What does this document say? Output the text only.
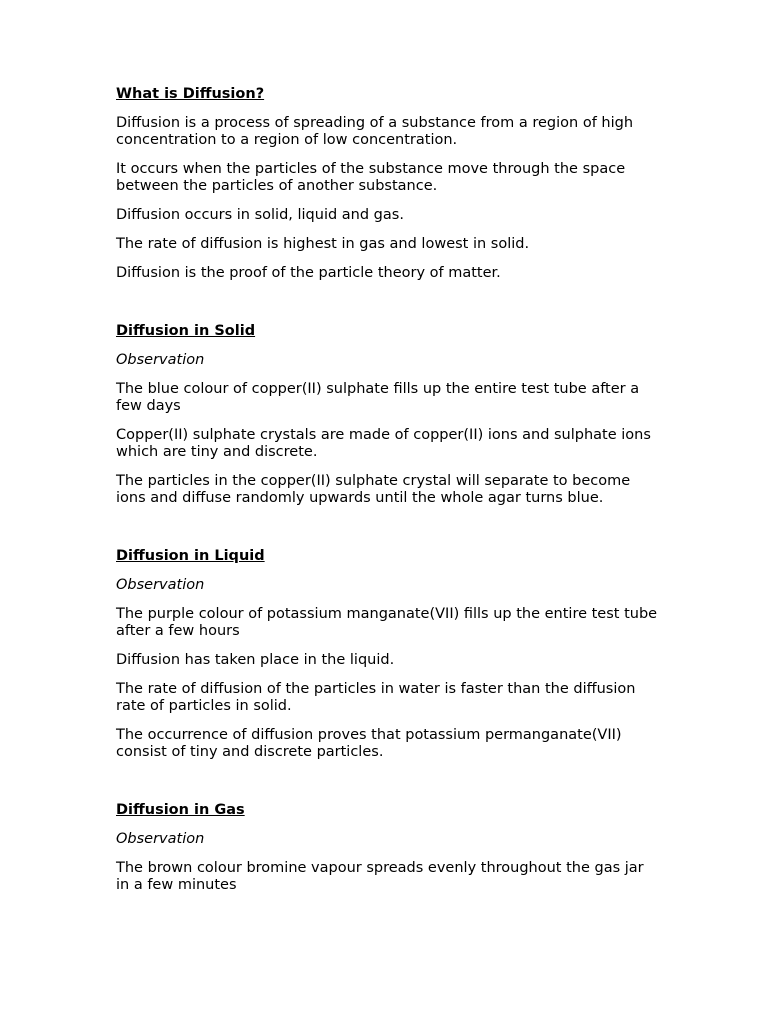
What is Diffusion?
Diffusion is a process of spreading of a substance from a region of high concentration to a region of low concentration.
It occurs when the particles of the substance move through the space between the particles of another substance.
Diffusion occurs in solid, liquid and gas.
The rate of diffusion is highest in gas and lowest in solid.
Diffusion is the proof of the particle theory of matter.
Diffusion in Solid
Observation
The blue colour of copper(II) sulphate fills up the entire test tube after a few days
Copper(II) sulphate crystals are made of copper(II) ions and sulphate ions which are tiny and discrete.
The particles in the copper(II) sulphate crystal will separate to become ions and diffuse randomly upwards until the whole agar turns blue.
Diffusion in Liquid
Observation
The purple colour of potassium manganate(VII) fills up the entire test tube after a few hours
Diffusion has taken place in the liquid.
The rate of diffusion of the particles in water is faster than the diffusion rate of particles in solid.
The occurrence of diffusion proves that potassium permanganate(VII) consist of tiny and discrete particles.
Diffusion in Gas
Observation
The brown colour bromine vapour spreads evenly throughout the gas jar in a few minutes
